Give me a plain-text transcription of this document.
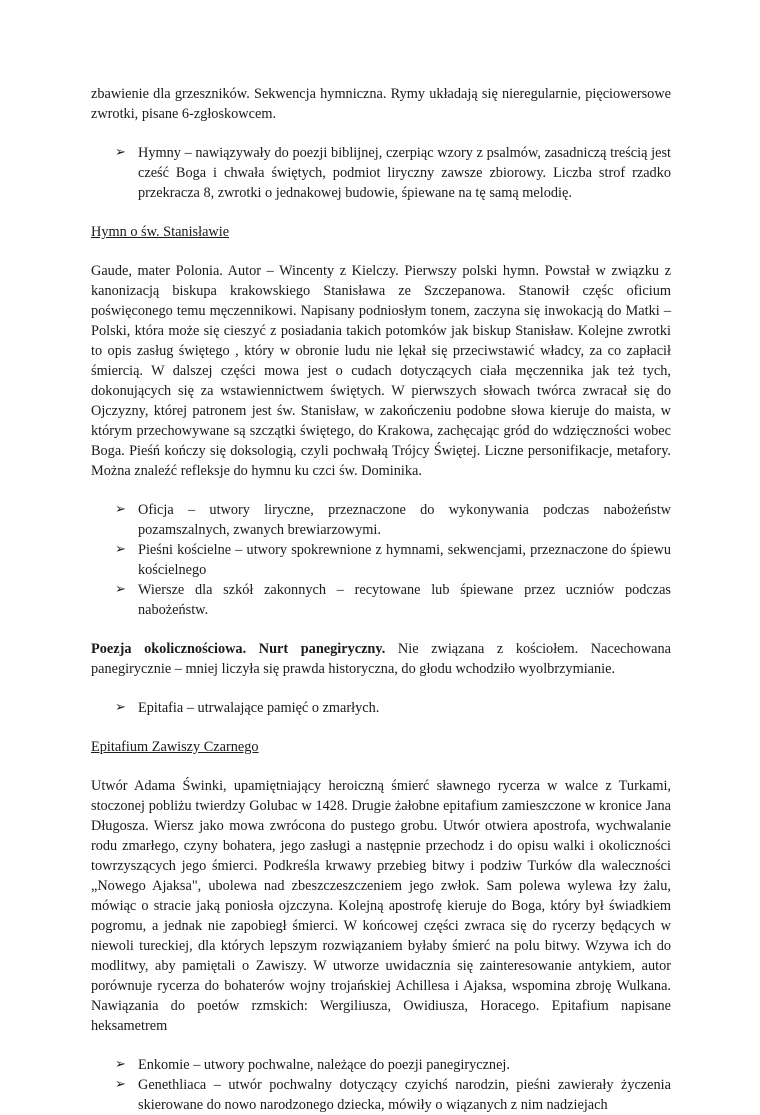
zbawienie dla grzeszników. Sekwencja hymniczna. Rymy układają się nieregularnie, pięciowersowe zwrotki, pisane 6-zgłoskowcem.

➢ Hymny – nawiązywały do poezji biblijnej, czerpiąc wzory z psalmów, zasadniczą treścią jest cześć Boga i chwała świętych, podmiot liryczny zawsze zbiorowy. Liczba strof rzadko przekracza 8, zwrotki o jednakowej budowie, śpiewane na tę samą melodię.

Hymn o św. Stanisławie

Gaude, mater Polonia. Autor – Wincenty z Kielczy. Pierwszy polski hymn. Powstał w związku z kanonizacją biskupa krakowskiego Stanisława ze Szczepanowa. Stanowił częśc oficium poświęconego temu męczennikowi. Napisany podniosłym tonem, zaczyna się inwokacją do Matki – Polski, która może się cieszyć z posiadania takich potomków jak biskup Stanisław. Kolejne zwrotki to opis zasług świętego , który w obronie ludu nie lękał się przeciwstawić władcy, za co zapłacił śmiercią. W dalszej części mowa jest o cudach dotyczących ciała męczennika jak też tych, dokonujących się za wstawiennictwem świętych. W pierwszych słowach twórca zwracał się do Ojczyzny, której patronem jest św. Stanisław, w zakończeniu podobne słowa kieruje do maista, w którym przechowywane są szczątki świętego, do Krakowa, zachęcając gród do wdzięczności wobec Boga. Pieśń kończy się doksologią, czyli pochwałą Trójcy Świętej. Liczne personifikacje, metafory. Można znaleźć refleksje do hymnu ku czci św. Dominika.

➢ Oficja – utwory liryczne, przeznaczone do wykonywania podczas nabożeństw pozamszalnych, zwanych brewiarzowymi.
➢ Pieśni kościelne – utwory spokrewnione z hymnami, sekwencjami, przeznaczone do śpiewu kościelnego
➢ Wiersze dla szkół zakonnych – recytowane lub śpiewane przez uczniów podczas nabożeństw.

Poezja okolicznościowa. Nurt panegiryczny. Nie związana z kościołem. Nacechowana panegirycznie – mniej liczyła się prawda historyczna, do głodu wchodziło wyolbrzymianie.

➢ Epitafia – utrwalające pamięć o zmarłych.

Epitafium Zawiszy Czarnego

Utwór Adama Świnki, upamiętniający heroiczną śmierć sławnego rycerza w walce z Turkami, stoczonej pobliżu twierdzy Golubac w 1428. Drugie żałobne epitafium zamieszczone w kronice Jana Długosza. Wiersz jako mowa zwrócona do pustego grobu. Utwór otwiera apostrofa, wychwalanie rodu zmarłego, czyny bohatera, jego zasługi a następnie przechodz i do opisu walki i okoliczności towrzyszących jego śmierci. Podkreśla krwawy przebieg bitwy i podziw Turków dla waleczności „Nowego Ajaksa", ubolewa nad zbeszczeszczeniem jego zwłok. Sam polewa wylewa łzy żalu, mówiąc o stracie jaką poniosła ojzczyna. Kolejną apostrofę kieruje do Boga, który był świadkiem pogromu, a jednak nie zapobiegł śmierci. W końcowej części zwraca się do rycerzy będących w niewoli tureckiej, dla których lepszym rozwiązaniem byłaby śmierć na polu bitwy. Wzywa ich do modlitwy, aby pamiętali o Zawiszy. W utworze uwidacznia się zainteresowanie antykiem, autor porównuje rycerza do bohaterów wojny trojańskiej Achillesa i Ajaksa, wspomina zbroję Wulkana. Nawiązania do poetów rzmskich: Wergiliusza, Owidiusza, Horacego. Epitafium napisane heksametrem

➢ Enkomie – utwory pochwalne, należące do poezji panegirycznej.
➢ Genethliaca – utwór pochwalny dotyczący czyichś narodzin, pieśni zawierały życzenia skierowane do nowo narodzonego dziecka, mówiły o wiązanych z nim nadziejach
